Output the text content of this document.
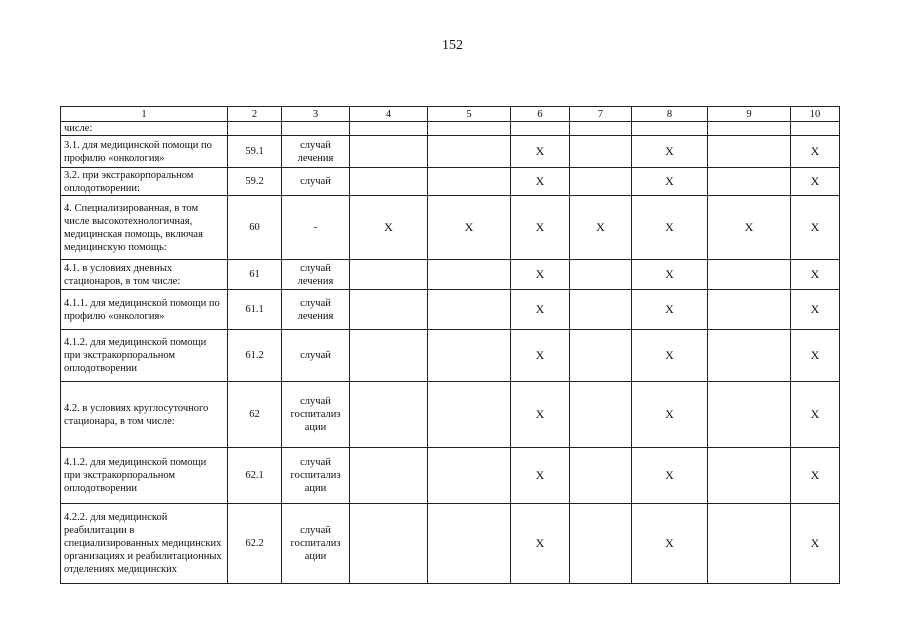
152
1	2	3	4	5	6	7	8	9	10
числе:									
3.1. для медицинской помощи по профилю «онкология»	59.1	случай лечения			Х		Х		Х
3.2. при экстракорпоральном оплодотворении:	59.2	случай			Х		Х		Х
4. Специализированная, в том числе высокотехнологичная, медицинская помощь, включая медицинскую помощь:	60	-	Х	Х	Х	Х	Х	Х	Х
4.1. в условиях дневных стационаров, в том числе:	61	случай лечения			Х		Х		Х
4.1.1. для медицинской помощи по профилю «онкология»	61.1	случай лечения			Х		Х		Х
4.1.2. для медицинской помощи при экстракорпоральном оплодотворении	61.2	случай			Х		Х		Х
4.2. в условиях круглосуточного стационара, в том числе:	62	случай госпитализ ации			Х		Х		Х
4.1.2. для медицинской помощи при экстракорпоральном оплодотворении	62.1	случай госпитализ ации			Х		Х		Х
4.2.2. для медицинской реабилитации в специализированных медицинских организациях и реабилитационных отделениях медицинских	62.2	случай госпитализ ации			Х		Х		Х
